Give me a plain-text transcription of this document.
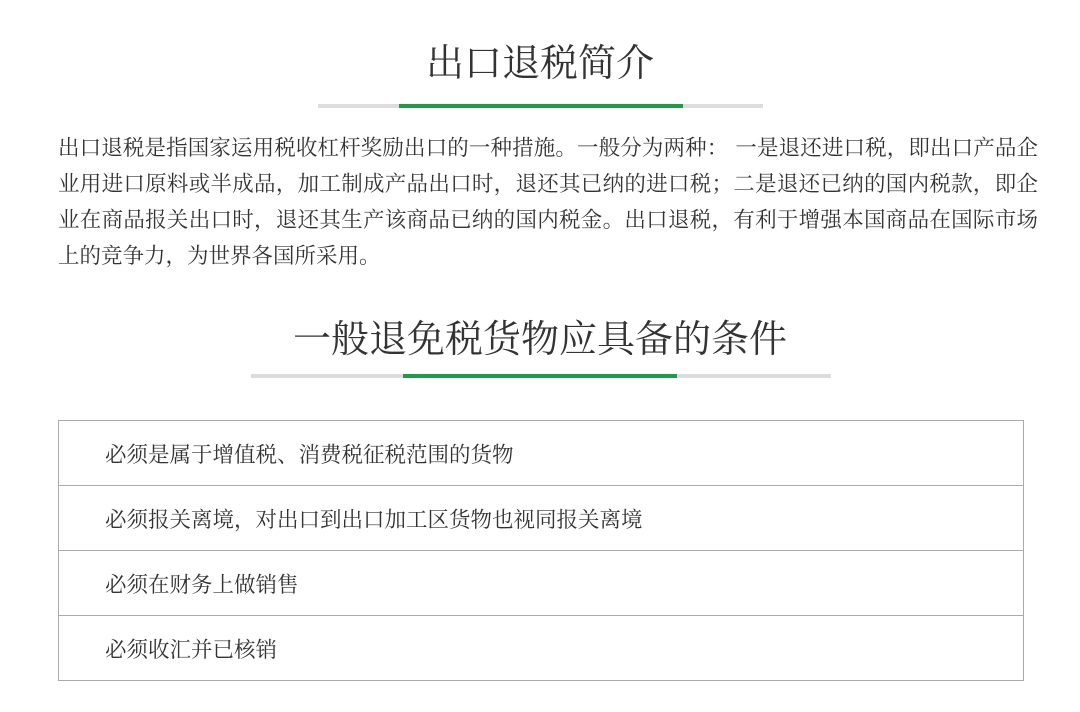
出口退税简介

出口退税是指国家运用税收杠杆奖励出口的一种措施。一般分为两种： 一是退还进口税，即出口产品企业用进口原料或半成品，加工制成产品出口时，退还其已纳的进口税；二是退还已纳的国内税款，即企业在商品报关出口时，退还其生产该商品已纳的国内税金。出口退税，有利于增强本国商品在国际市场上的竞争力，为世界各国所采用。

一般退免税货物应具备的条件
必须是属于增值税、消费税征税范围的货物
必须报关离境，对出口到出口加工区货物也视同报关离境
必须在财务上做销售
必须收汇并已核销
